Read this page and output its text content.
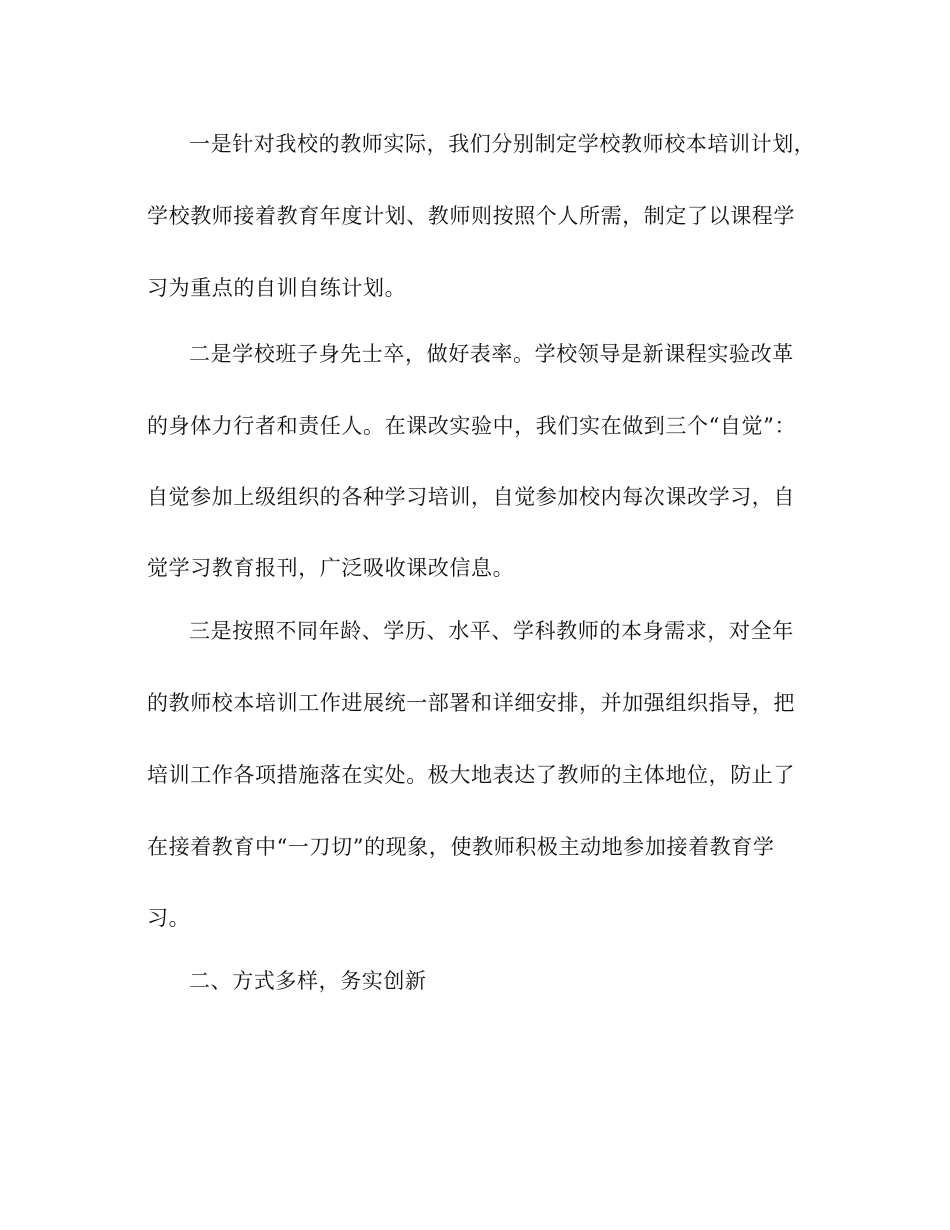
一是针对我校的教师实际，我们分别制定学校教师校本培训计划，
学校教师接着教育年度计划、教师则按照个人所需，制定了以课程学
习为重点的自训自练计划。
二是学校班子身先士卒，做好表率。学校领导是新课程实验改革
的身体力行者和责任人。在课改实验中，我们实在做到三个“自觉”：
自觉参加上级组织的各种学习培训，自觉参加校内每次课改学习，自
觉学习教育报刊，广泛吸收课改信息。
三是按照不同年龄、学历、水平、学科教师的本身需求，对全年
的教师校本培训工作进展统一部署和详细安排，并加强组织指导，把
培训工作各项措施落在实处。极大地表达了教师的主体地位，防止了
在接着教育中“一刀切”的现象，使教师积极主动地参加接着教育学
习。
二、方式多样，务实创新
